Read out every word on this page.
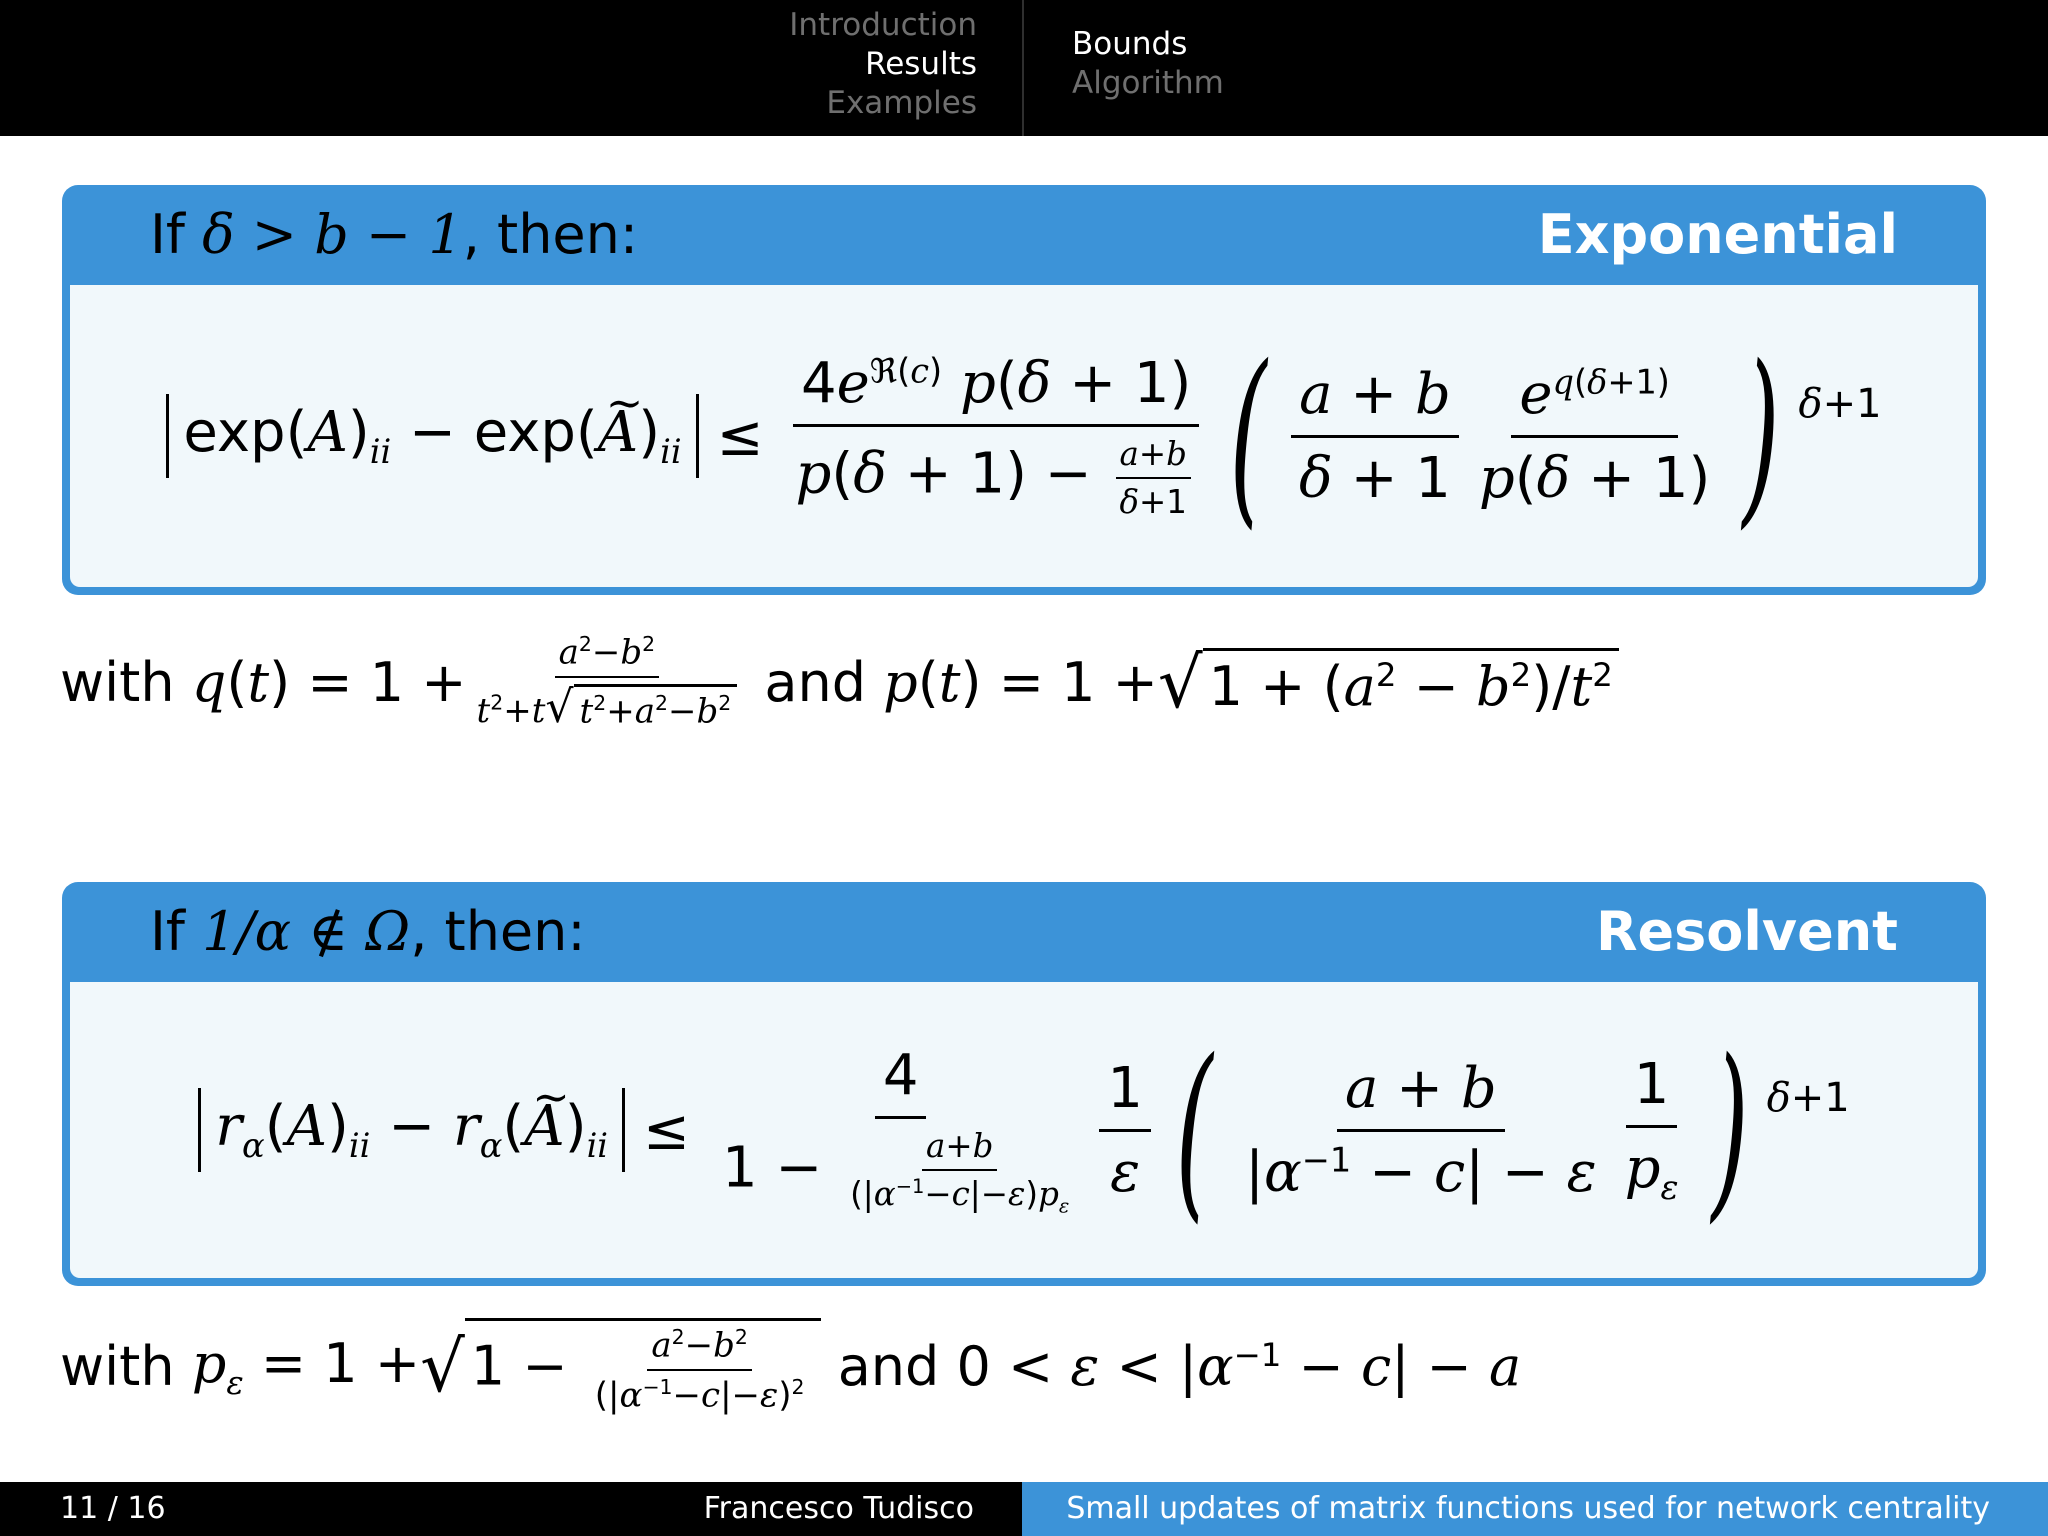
Introduction
Results
Examples
Bounds
Algorithm
If δ > b − 1, then:	Exponential
$\exp(A)_{ii}$ − exp(~ $A)_{ii} \le \frac{4e^{ℜ(c)} p(\delta + 1)}{p(\delta + 1) - \frac{a+b}{\delta+1}}$ ( $\frac{a + b}{\delta + 1} \frac{e^{q(\delta+1)}}{p(\delta + 1)}$ ) δ+1
with
$q(t) = 1 + \frac{a^2-b^2}{t^2+t √ t^2+a^2-b^2}$
and
p(t) = 1 + √ $1 + (a^2 - b^2)/t^2$
If 1/α ∉ Ω, then:	Resolvent
$r_\alpha(A)_{ii}$ − $r_\alpha(\sim$ $A)_{ii} \le \frac{4}{1 - \frac{a+b}{(|\alpha^{-1}-c|-\varepsilon)p_\varepsilon}} \frac{1}{\varepsilon}$ ( $\frac{a + b}{|\alpha^{-1} - c| - \varepsilon} \frac{1}{p_\varepsilon}$ ) δ+1
with
$p_\varepsilon = 1$ + √ $1 - \frac{a^2-b^2}{(|\alpha^{-1}-c|-\varepsilon)^2}$
and
$0 < \varepsilon < |\alpha^{-1} - c| - a$
11 / 16	Francesco Tudisco	Small updates of matrix functions used for network centrality
